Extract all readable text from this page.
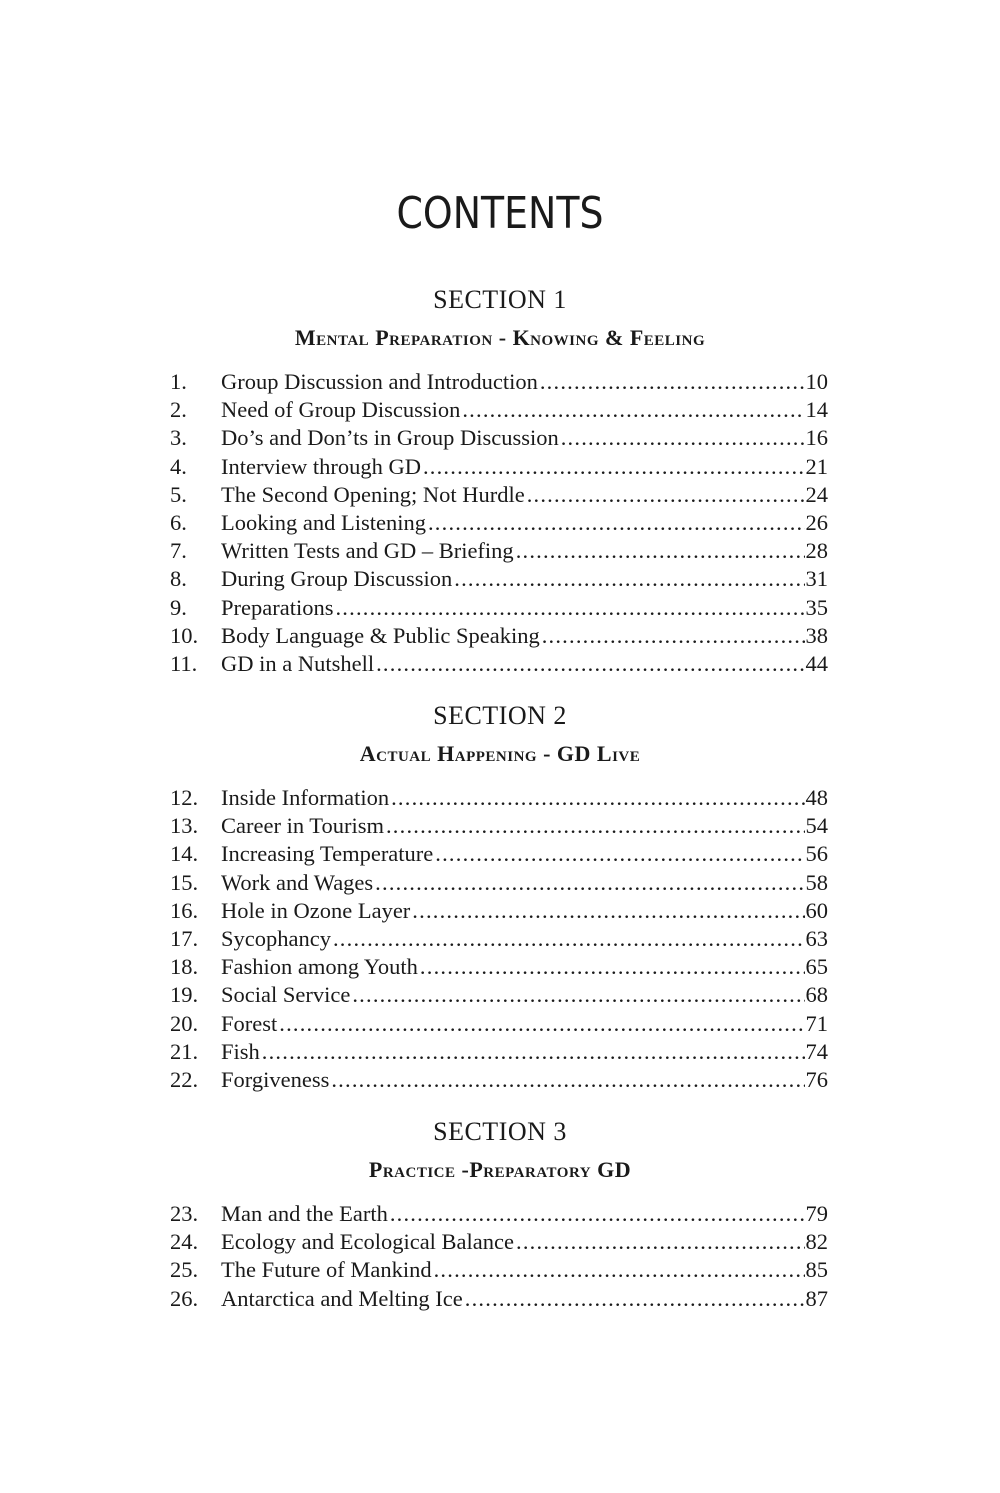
CONTENTS
SECTION 1
Mental Preparation - Knowing & Feeling
1.	Group Discussion and Introduction .....	10
2.	Need of Group Discussion .....	14
3.	Do’s and Don’ts in Group Discussion .....	16
4.	Interview through GD .....	21
5.	The Second Opening; Not Hurdle .....	24
6.	Looking and Listening .....	26
7.	Written Tests and GD – Briefing .....	28
8.	During Group Discussion .....	31
9.	Preparations .....	35
10.	Body Language & Public Speaking .....	38
11.	GD in a Nutshell .....	44
SECTION 2
Actual Happening - GD Live
12.	Inside Information .....	48
13.	Career in Tourism .....	54
14.	Increasing Temperature .....	56
15.	Work and Wages .....	58
16.	Hole in Ozone Layer .....	60
17.	Sycophancy .....	63
18.	Fashion among Youth .....	65
19.	Social Service .....	68
20.	Forest .....	71
21.	Fish .....	74
22.	Forgiveness .....	76
SECTION 3
Practice -Preparatory GD
23.	Man and the Earth .....	79
24.	Ecology and Ecological Balance .....	82
25.	The Future of Mankind .....	85
26.	Antarctica and Melting Ice .....	87
